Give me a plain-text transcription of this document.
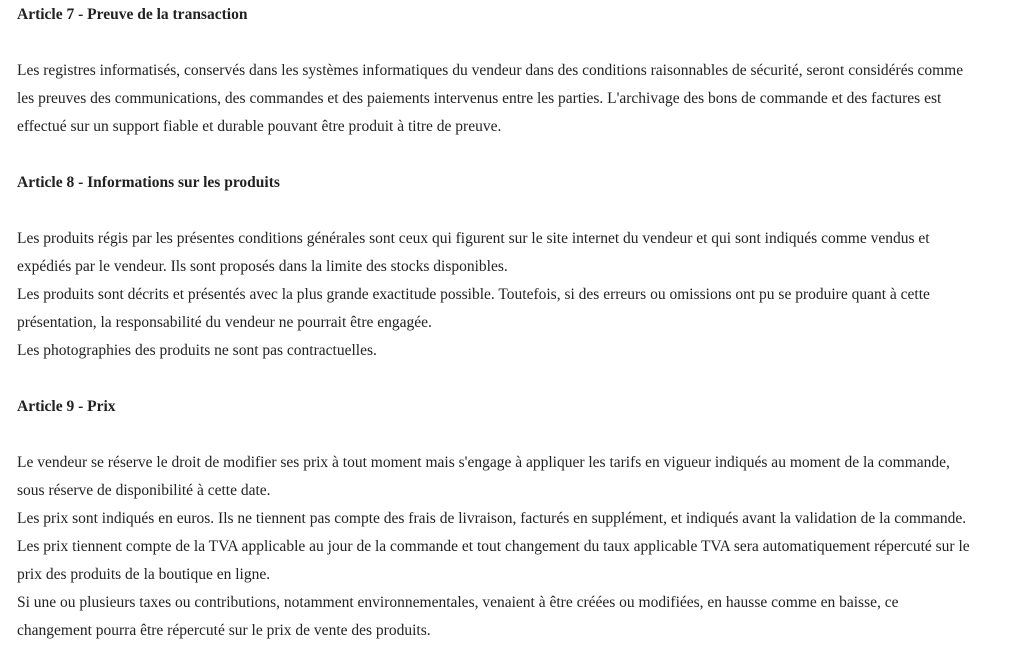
Article 7 - Preuve de la transaction

Les registres informatisés, conservés dans les systèmes informatiques du vendeur dans des conditions raisonnables de sécurité, seront considérés comme les preuves des communications, des commandes et des paiements intervenus entre les parties. L'archivage des bons de commande et des factures est effectué sur un support fiable et durable pouvant être produit à titre de preuve.

Article 8 - Informations sur les produits

Les produits régis par les présentes conditions générales sont ceux qui figurent sur le site internet du vendeur et qui sont indiqués comme vendus et expédiés par le vendeur. Ils sont proposés dans la limite des stocks disponibles.

Les produits sont décrits et présentés avec la plus grande exactitude possible. Toutefois, si des erreurs ou omissions ont pu se produire quant à cette présentation, la responsabilité du vendeur ne pourrait être engagée.

Les photographies des produits ne sont pas contractuelles.

Article 9 - Prix

Le vendeur se réserve le droit de modifier ses prix à tout moment mais s'engage à appliquer les tarifs en vigueur indiqués au moment de la commande, sous réserve de disponibilité à cette date.

Les prix sont indiqués en euros. Ils ne tiennent pas compte des frais de livraison, facturés en supplément, et indiqués avant la validation de la commande. Les prix tiennent compte de la TVA applicable au jour de la commande et tout changement du taux applicable TVA sera automatiquement répercuté sur le prix des produits de la boutique en ligne.

Si une ou plusieurs taxes ou contributions, notamment environnementales, venaient à être créées ou modifiées, en hausse comme en baisse, ce changement pourra être répercuté sur le prix de vente des produits.
